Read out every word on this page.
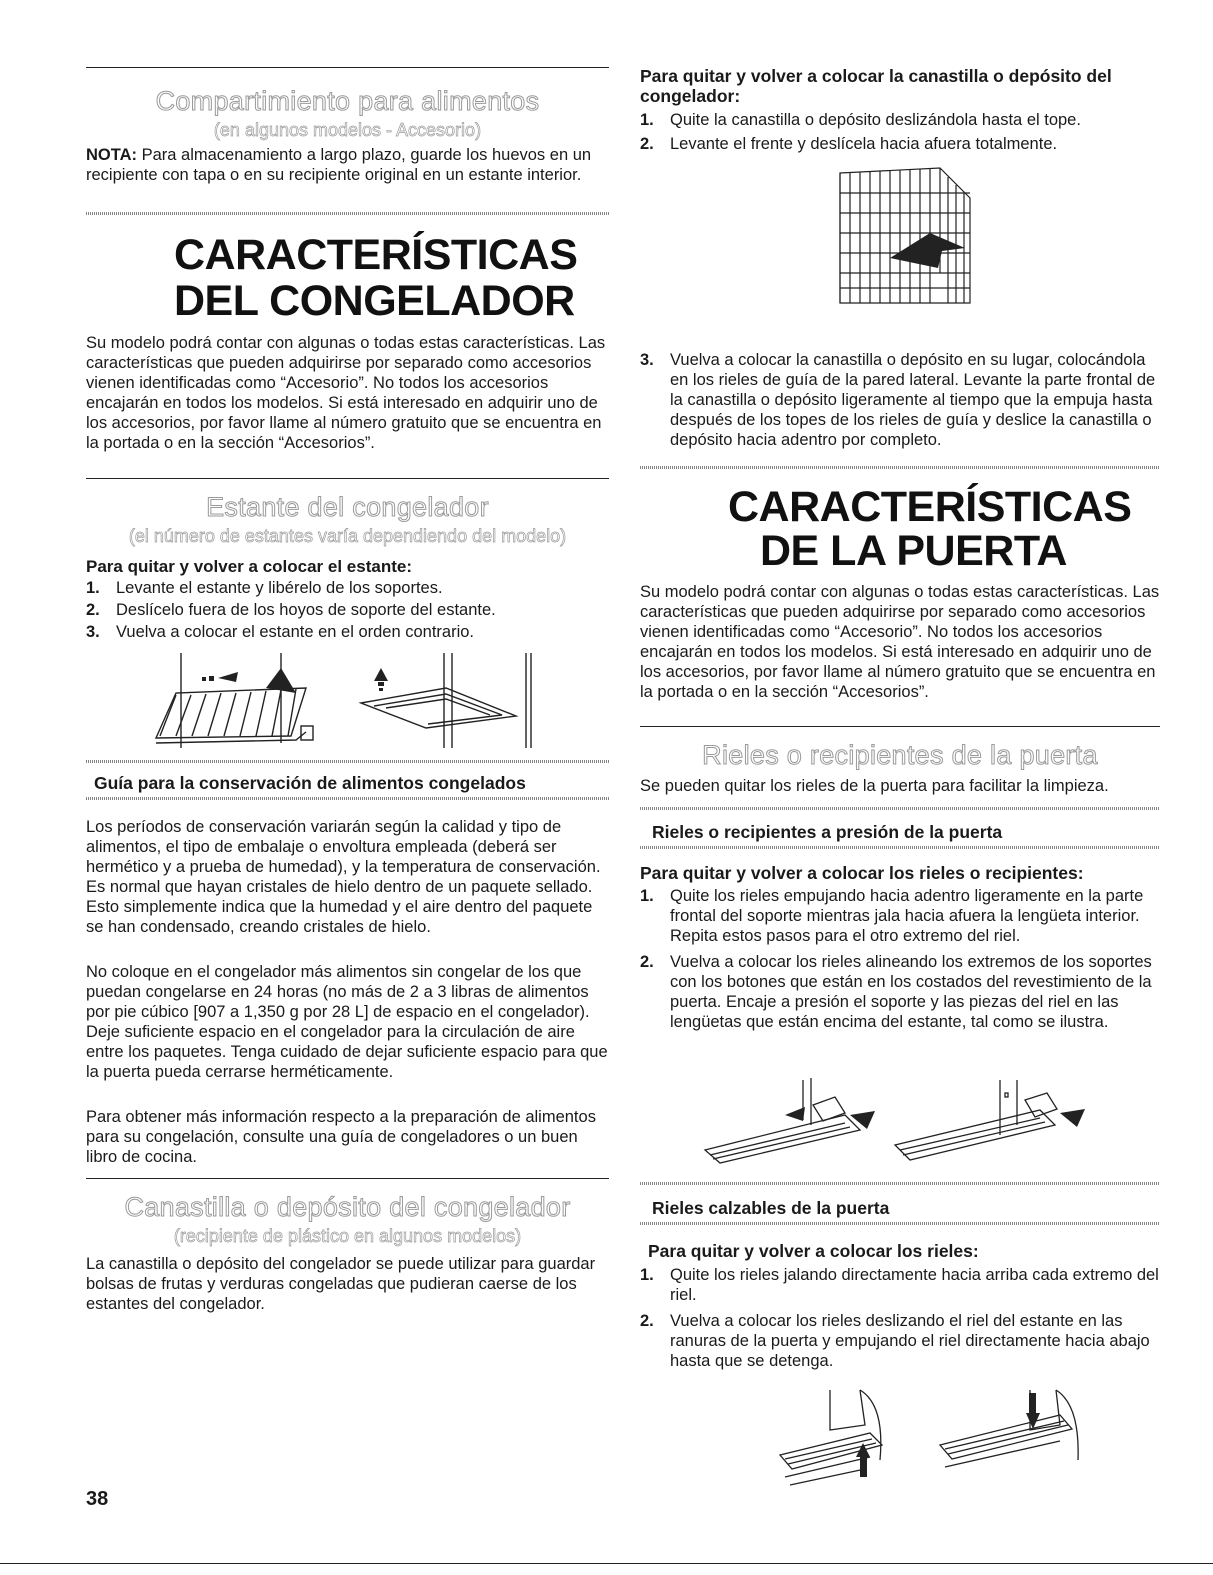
Compartimiento para alimentos
(en algunos modelos - Accesorio)

NOTA: Para almacenamiento a largo plazo, guarde los huevos en un recipiente con tapa o en su recipiente original en un estante interior.

CARACTERÍSTICAS
DEL CONGELADOR

Su modelo podrá contar con algunas o todas estas características. Las características que pueden adquirirse por separado como accesorios vienen identificadas como “Accesorio”. No todos los accesorios encajarán en todos los modelos. Si está interesado en adquirir uno de los accesorios, por favor llame al número gratuito que se encuentra en la portada o en la sección “Accesorios”.

Estante del congelador
(el número de estantes varía dependiendo del modelo)
Para quitar y volver a colocar el estante:
1. Levante el estante y libérelo de los soportes.
2. Deslícelo fuera de los hoyos de soporte del estante.
3. Vuelva a colocar el estante en el orden contrario.
Guía para la conservación de alimentos congelados

Los períodos de conservación variarán según la calidad y tipo de alimentos, el tipo de embalaje o envoltura empleada (deberá ser hermético y a prueba de humedad), y la temperatura de conservación. Es normal que hayan cristales de hielo dentro de un paquete sellado. Esto simplemente indica que la humedad y el aire dentro del paquete se han condensado, creando cristales de hielo.

No coloque en el congelador más alimentos sin congelar de los que puedan congelarse en 24 horas (no más de 2 a 3 libras de alimentos por pie cúbico [907 a 1,350 g por 28 L] de espacio en el congelador). Deje suficiente espacio en el congelador para la circulación de aire entre los paquetes. Tenga cuidado de dejar suficiente espacio para que la puerta pueda cerrarse herméticamente.

Para obtener más información respecto a la preparación de alimentos para su congelación, consulte una guía de congeladores o un buen libro de cocina.

Canastilla o depósito del congelador
(recipiente de plástico en algunos modelos)

La canastilla o depósito del congelador se puede utilizar para guardar bolsas de frutas y verduras congeladas que pudieran caerse de los estantes del congelador.

Para quitar y volver a colocar la canastilla o depósito del congelador:
1. Quite la canastilla o depósito deslizándola hasta el tope.
2. Levante el frente y deslícela hacia afuera totalmente.
3. Vuelva a colocar la canastilla o depósito en su lugar, colocándola en los rieles de guía de la pared lateral. Levante la parte frontal de la canastilla o depósito ligeramente al tiempo que la empuja hasta después de los topes de los rieles de guía y deslice la canastilla o depósito hacia adentro por completo.
CARACTERÍSTICAS
DE LA PUERTA

Su modelo podrá contar con algunas o todas estas características. Las características que pueden adquirirse por separado como accesorios vienen identificadas como “Accesorio”. No todos los accesorios encajarán en todos los modelos. Si está interesado en adquirir uno de los accesorios, por favor llame al número gratuito que se encuentra en la portada o en la sección “Accesorios”.

Rieles o recipientes de la puerta

Se pueden quitar los rieles de la puerta para facilitar la limpieza.

Rieles o recipientes a presión de la puerta
Para quitar y volver a colocar los rieles o recipientes:
1. Quite los rieles empujando hacia adentro ligeramente en la parte frontal del soporte mientras jala hacia afuera la lengüeta interior. Repita estos pasos para el otro extremo del riel.
2. Vuelva a colocar los rieles alineando los extremos de los soportes con los botones que están en los costados del revestimiento de la puerta. Encaje a presión el soporte y las piezas del riel en las lengüetas que están encima del estante, tal como se ilustra.
Rieles calzables de la puerta
Para quitar y volver a colocar los rieles:
1. Quite los rieles jalando directamente hacia arriba cada extremo del riel.
2. Vuelva a colocar los rieles deslizando el riel del estante en las ranuras de la puerta y empujando el riel directamente hacia abajo hasta que se detenga.
38
